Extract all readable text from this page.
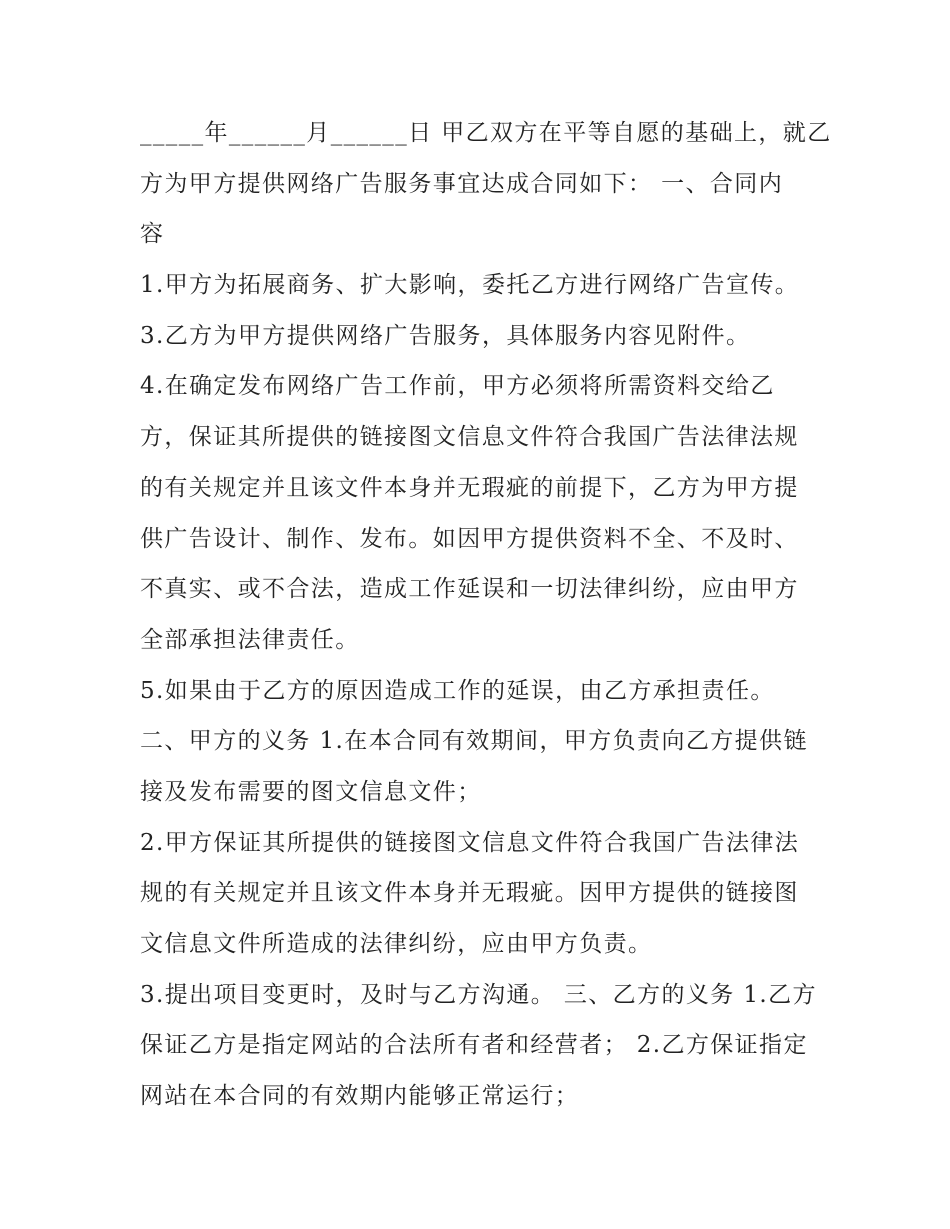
_____年______月______日 甲乙双方在平等自愿的基础上，就乙
方为甲方提供网络广告服务事宜达成合同如下： 一、合同内
容
1.甲方为拓展商务、扩大影响，委托乙方进行网络广告宣传。
3.乙方为甲方提供网络广告服务，具体服务内容见附件。
4.在确定发布网络广告工作前，甲方必须将所需资料交给乙
方，保证其所提供的链接图文信息文件符合我国广告法律法规
的有关规定并且该文件本身并无瑕疵的前提下，乙方为甲方提
供广告设计、制作、发布。如因甲方提供资料不全、不及时、
不真实、或不合法，造成工作延误和一切法律纠纷，应由甲方
全部承担法律责任。
5.如果由于乙方的原因造成工作的延误，由乙方承担责任。
二、甲方的义务 1.在本合同有效期间，甲方负责向乙方提供链
接及发布需要的图文信息文件；
2.甲方保证其所提供的链接图文信息文件符合我国广告法律法
规的有关规定并且该文件本身并无瑕疵。因甲方提供的链接图
文信息文件所造成的法律纠纷，应由甲方负责。
3.提出项目变更时，及时与乙方沟通。 三、乙方的义务 1.乙方
保证乙方是指定网站的合法所有者和经营者； 2.乙方保证指定
网站在本合同的有效期内能够正常运行；
